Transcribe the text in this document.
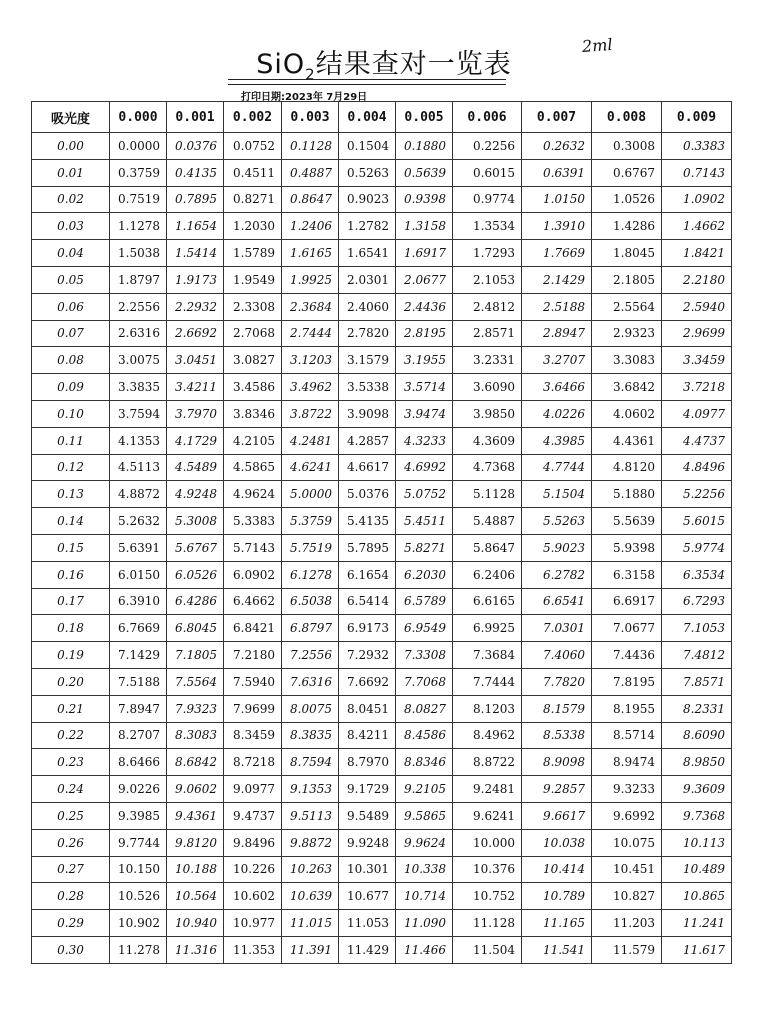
SiO$_2$结果查对一览表
2ml
打印日期:2023年 7月29日
吸光度	0.000	0.001	0.002	0.003	0.004	0.005	0.006	0.007	0.008	0.009
0.00	0.0000	0.0376	0.0752	0.1128	0.1504	0.1880	0.2256	0.2632	0.3008	0.3383
0.01	0.3759	0.4135	0.4511	0.4887	0.5263	0.5639	0.6015	0.6391	0.6767	0.7143
0.02	0.7519	0.7895	0.8271	0.8647	0.9023	0.9398	0.9774	1.0150	1.0526	1.0902
0.03	1.1278	1.1654	1.2030	1.2406	1.2782	1.3158	1.3534	1.3910	1.4286	1.4662
0.04	1.5038	1.5414	1.5789	1.6165	1.6541	1.6917	1.7293	1.7669	1.8045	1.8421
0.05	1.8797	1.9173	1.9549	1.9925	2.0301	2.0677	2.1053	2.1429	2.1805	2.2180
0.06	2.2556	2.2932	2.3308	2.3684	2.4060	2.4436	2.4812	2.5188	2.5564	2.5940
0.07	2.6316	2.6692	2.7068	2.7444	2.7820	2.8195	2.8571	2.8947	2.9323	2.9699
0.08	3.0075	3.0451	3.0827	3.1203	3.1579	3.1955	3.2331	3.2707	3.3083	3.3459
0.09	3.3835	3.4211	3.4586	3.4962	3.5338	3.5714	3.6090	3.6466	3.6842	3.7218
0.10	3.7594	3.7970	3.8346	3.8722	3.9098	3.9474	3.9850	4.0226	4.0602	4.0977
0.11	4.1353	4.1729	4.2105	4.2481	4.2857	4.3233	4.3609	4.3985	4.4361	4.4737
0.12	4.5113	4.5489	4.5865	4.6241	4.6617	4.6992	4.7368	4.7744	4.8120	4.8496
0.13	4.8872	4.9248	4.9624	5.0000	5.0376	5.0752	5.1128	5.1504	5.1880	5.2256
0.14	5.2632	5.3008	5.3383	5.3759	5.4135	5.4511	5.4887	5.5263	5.5639	5.6015
0.15	5.6391	5.6767	5.7143	5.7519	5.7895	5.8271	5.8647	5.9023	5.9398	5.9774
0.16	6.0150	6.0526	6.0902	6.1278	6.1654	6.2030	6.2406	6.2782	6.3158	6.3534
0.17	6.3910	6.4286	6.4662	6.5038	6.5414	6.5789	6.6165	6.6541	6.6917	6.7293
0.18	6.7669	6.8045	6.8421	6.8797	6.9173	6.9549	6.9925	7.0301	7.0677	7.1053
0.19	7.1429	7.1805	7.2180	7.2556	7.2932	7.3308	7.3684	7.4060	7.4436	7.4812
0.20	7.5188	7.5564	7.5940	7.6316	7.6692	7.7068	7.7444	7.7820	7.8195	7.8571
0.21	7.8947	7.9323	7.9699	8.0075	8.0451	8.0827	8.1203	8.1579	8.1955	8.2331
0.22	8.2707	8.3083	8.3459	8.3835	8.4211	8.4586	8.4962	8.5338	8.5714	8.6090
0.23	8.6466	8.6842	8.7218	8.7594	8.7970	8.8346	8.8722	8.9098	8.9474	8.9850
0.24	9.0226	9.0602	9.0977	9.1353	9.1729	9.2105	9.2481	9.2857	9.3233	9.3609
0.25	9.3985	9.4361	9.4737	9.5113	9.5489	9.5865	9.6241	9.6617	9.6992	9.7368
0.26	9.7744	9.8120	9.8496	9.8872	9.9248	9.9624	10.000	10.038	10.075	10.113
0.27	10.150	10.188	10.226	10.263	10.301	10.338	10.376	10.414	10.451	10.489
0.28	10.526	10.564	10.602	10.639	10.677	10.714	10.752	10.789	10.827	10.865
0.29	10.902	10.940	10.977	11.015	11.053	11.090	11.128	11.165	11.203	11.241
0.30	11.278	11.316	11.353	11.391	11.429	11.466	11.504	11.541	11.579	11.617
